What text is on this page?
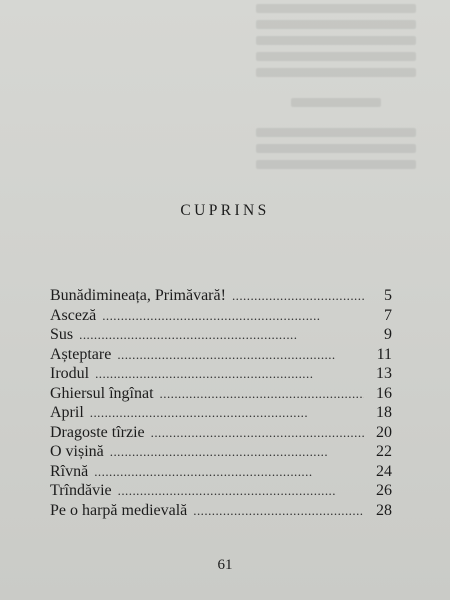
CUPRINS
Bunădimineața, Primăvară! . . .	5
Asceză . . .	7
Sus . . .	9
Așteptare . . .	11
Irodul . . .	13
Ghiersul îngînat . . .	16
April . . .	18
Dragoste tîrzie . . .	20
O vișină . . .	22
Rîvnă . . .	24
Trîndăvie . . .	26
Pe o harpă medievală . . .	28
61
